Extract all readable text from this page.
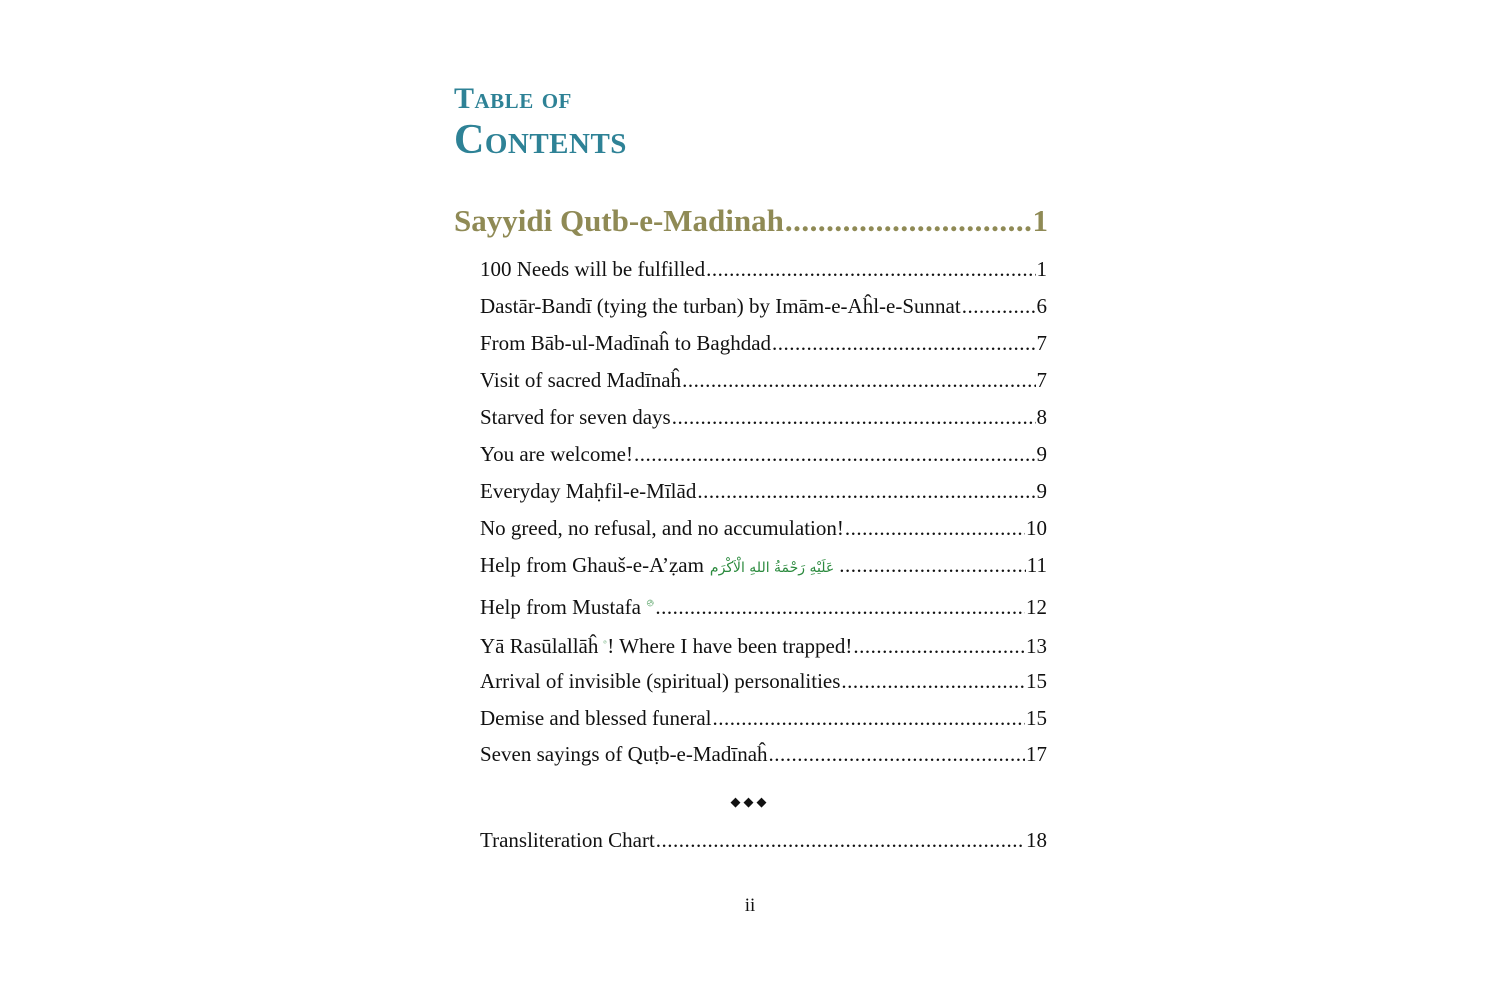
Table of
Contents
Sayyidi Qutb-e-Madinah .....	1
100 Needs will be fulfilled .....	1
Dastār-Bandī (tying the turban) by Imām-e-Aĥl-e-Sunnat .....	6
From Bāb-ul-Madīnaĥ to Baghdad .....	7
Visit of sacred Madīnaĥ .....	7
Starved for seven days .....	8
You are welcome! .....	9
Everyday Maḥfil-e-Mīlād .....	9
No greed, no refusal, and no accumulation! .....	10
Help from Ghauš-e-A’ẓam عَلَیْهِ رَحْمَةُ اللهِ الْاَکْرَم .....	11
Help from Mustafa .....	12
Yā Rasūlallāĥ ! Where I have been trapped! .....	13
Arrival of invisible (spiritual) personalities .....	15
Demise and blessed funeral .....	15
Seven sayings of Quṭb-e-Madīnaĥ .....	17
◆◆◆
Transliteration Chart .....	18
ii
